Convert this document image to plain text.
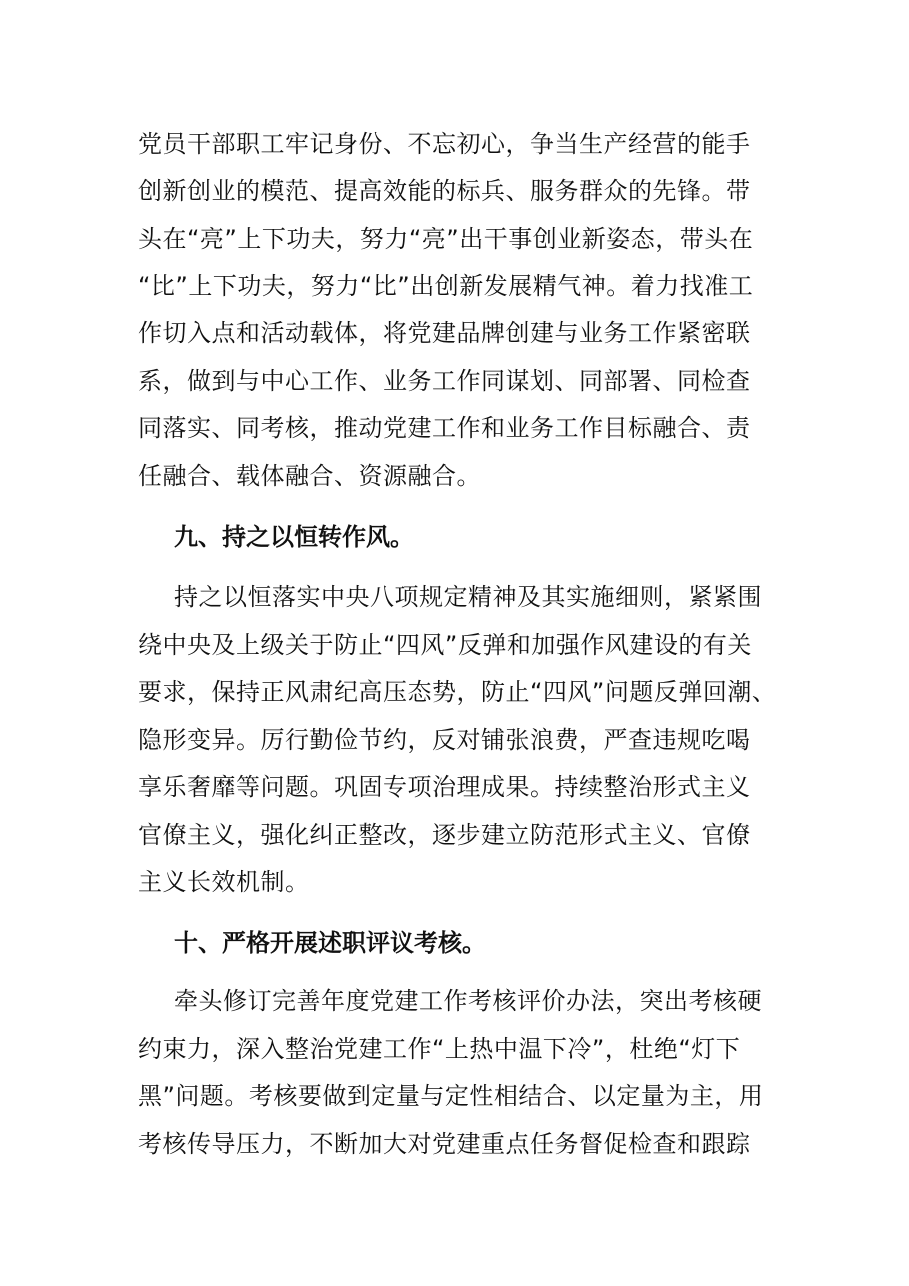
党员干部职工牢记身份、不忘初心，争当生产经营的能手
创新创业的模范、提高效能的标兵、服务群众的先锋。带
头在“亮”上下功夫，努力“亮”出干事创业新姿态，带头在
“比”上下功夫，努力“比”出创新发展精气神。着力找准工
作切入点和活动载体，将党建品牌创建与业务工作紧密联
系，做到与中心工作、业务工作同谋划、同部署、同检查
同落实、同考核，推动党建工作和业务工作目标融合、责
任融合、载体融合、资源融合。
九、持之以恒转作风。
持之以恒落实中央八项规定精神及其实施细则，紧紧围
绕中央及上级关于防止“四风”反弹和加强作风建设的有关
要求，保持正风肃纪高压态势，防止“四风”问题反弹回潮、
隐形变异。厉行勤俭节约，反对铺张浪费，严查违规吃喝
享乐奢靡等问题。巩固专项治理成果。持续整治形式主义
官僚主义，强化纠正整改，逐步建立防范形式主义、官僚
主义长效机制。
十、严格开展述职评议考核。
牵头修订完善年度党建工作考核评价办法，突出考核硬
约束力，深入整治党建工作“上热中温下冷”，杜绝“灯下
黑”问题。考核要做到定量与定性相结合、以定量为主，用
考核传导压力，不断加大对党建重点任务督促检查和跟踪
